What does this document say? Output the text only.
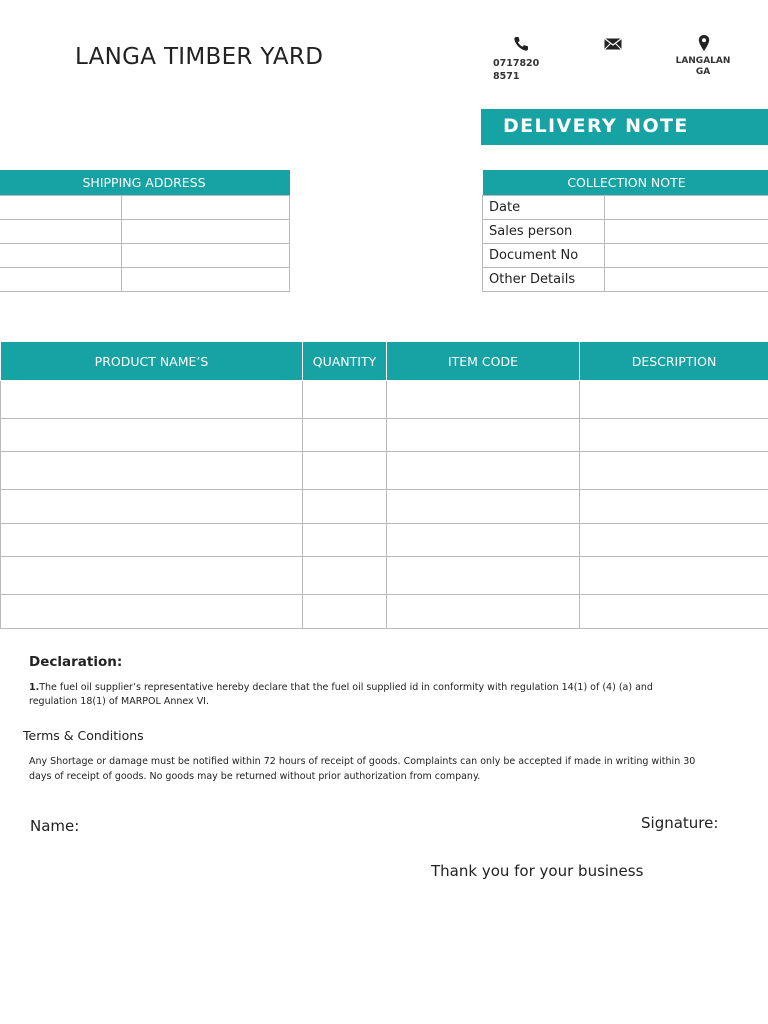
LANGA TIMBER YARD	0717820
8571
LANGALAN
GA
DELIVERY NOTE
SHIPPING ADDRESS	

		COLLECTION NOTE	
Date	
Sales person	
Document No	
Other Details	
PRODUCT NAME’S	QUANTITY	ITEM CODE	DESCRIPTION

Declaration:
1.The fuel oil supplier’s representative hereby declare that the fuel oil supplied id in conformity with regulation 14(1) of (4) (a) and regulation 18(1) of MARPOL Annex VI.
Terms & Conditions
Any Shortage or damage must be notified within 72 hours of receipt of goods. Complaints can only be accepted if made in writing within 30 days of receipt of goods. No goods may be returned without prior authorization from company.
Name:	Signature:
Thank you for your business
